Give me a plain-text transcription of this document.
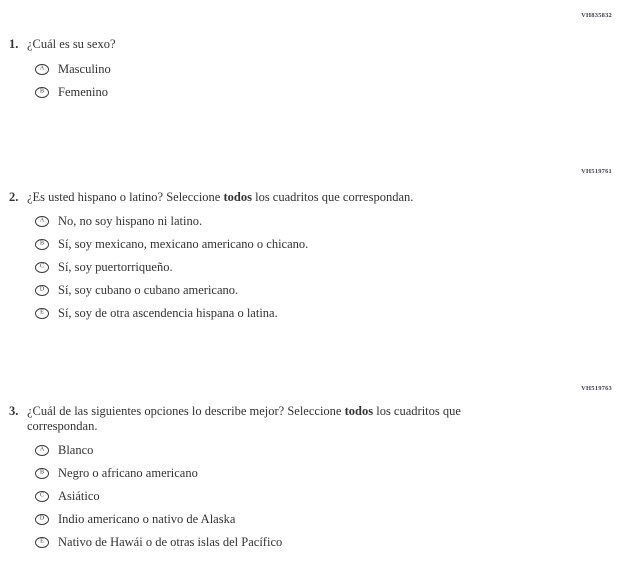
VH835832
1. ¿Cuál es su sexo?
A Masculino
B Femenino
VH519761
2. ¿Es usted hispano o latino? Seleccione todos los cuadritos que correspondan.
A No, no soy hispano ni latino.
B Sí, soy mexicano, mexicano americano o chicano.
C Sí, soy puertorriqueño.
D Sí, soy cubano o cubano americano.
E Sí, soy de otra ascendencia hispana o latina.
VH519763
3. ¿Cuál de las siguientes opciones lo describe mejor? Seleccione todos los cuadritos que correspondan.
A Blanco
B Negro o africano americano
C Asiático
D Indio americano o nativo de Alaska
E Nativo de Hawái o de otras islas del Pacífico
